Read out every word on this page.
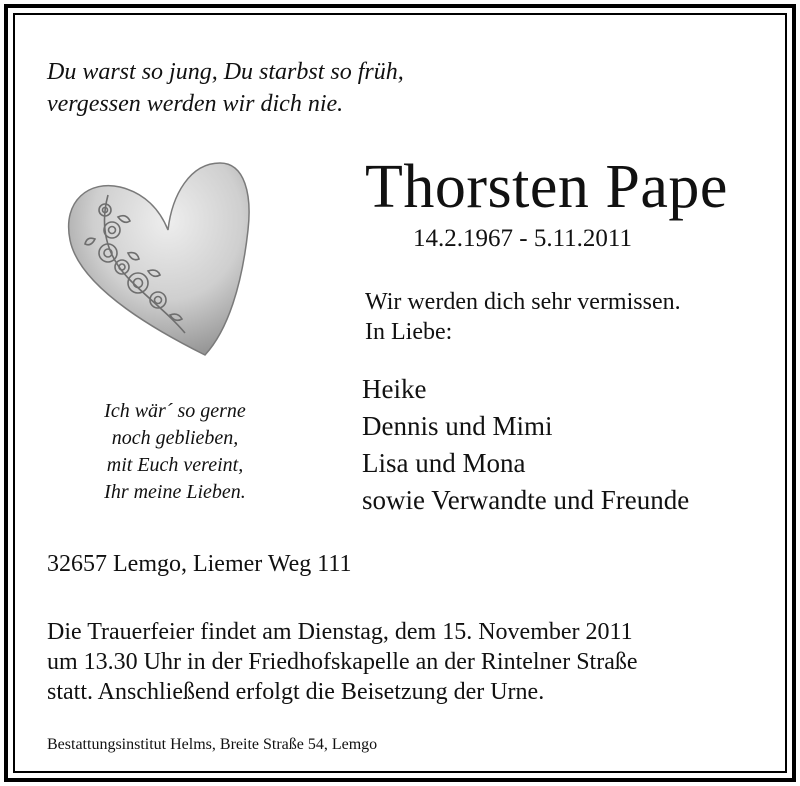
Du warst so jung, Du starbst so früh,
vergessen werden wir dich nie.
Ich wär´ so gerne
noch geblieben,
mit Euch vereint,
Ihr meine Lieben.
Thorsten Pape
14.2.1967 - 5.11.2011
Wir werden dich sehr vermissen.
In Liebe:
Heike
Dennis und Mimi
Lisa und Mona
sowie Verwandte und Freunde
32657 Lemgo, Liemer Weg 111
Die Trauerfeier findet am Dienstag, dem 15. November 2011
um 13.30 Uhr in der Friedhofskapelle an der Rintelner Straße
statt. Anschließend erfolgt die Beisetzung der Urne.
Bestattungsinstitut Helms, Breite Straße 54, Lemgo
